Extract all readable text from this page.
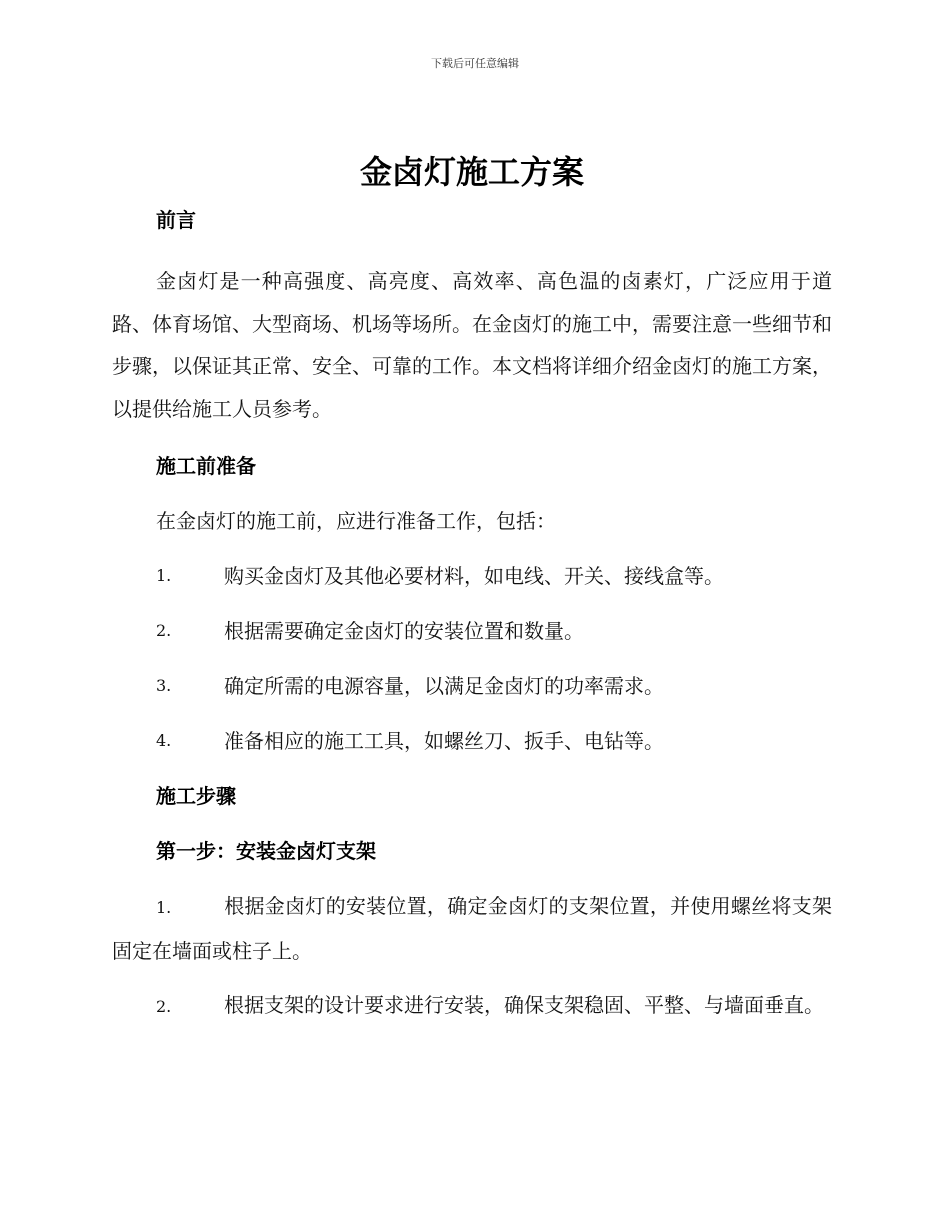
下载后可任意编辑
金卤灯施工方案

前言

金卤灯是一种高强度、高亮度、高效率、高色温的卤素灯，广泛应用于道路、体育场馆、大型商场、机场等场所。在金卤灯的施工中，需要注意一些细节和步骤，以保证其正常、安全、可靠的工作。本文档将详细介绍金卤灯的施工方案，以提供给施工人员参考。

施工前准备

在金卤灯的施工前，应进行准备工作，包括：

1.	购买金卤灯及其他必要材料，如电线、开关、接线盒等。
2.	根据需要确定金卤灯的安装位置和数量。
3.	确定所需的电源容量，以满足金卤灯的功率需求。
4.	准备相应的施工工具，如螺丝刀、扳手、电钻等。

施工步骤

第一步：安装金卤灯支架

1.	根据金卤灯的安装位置，确定金卤灯的支架位置，并使用螺丝将支架固定在墙面或柱子上。

2.	根据支架的设计要求进行安装，确保支架稳固、平整、与墙面垂直。
